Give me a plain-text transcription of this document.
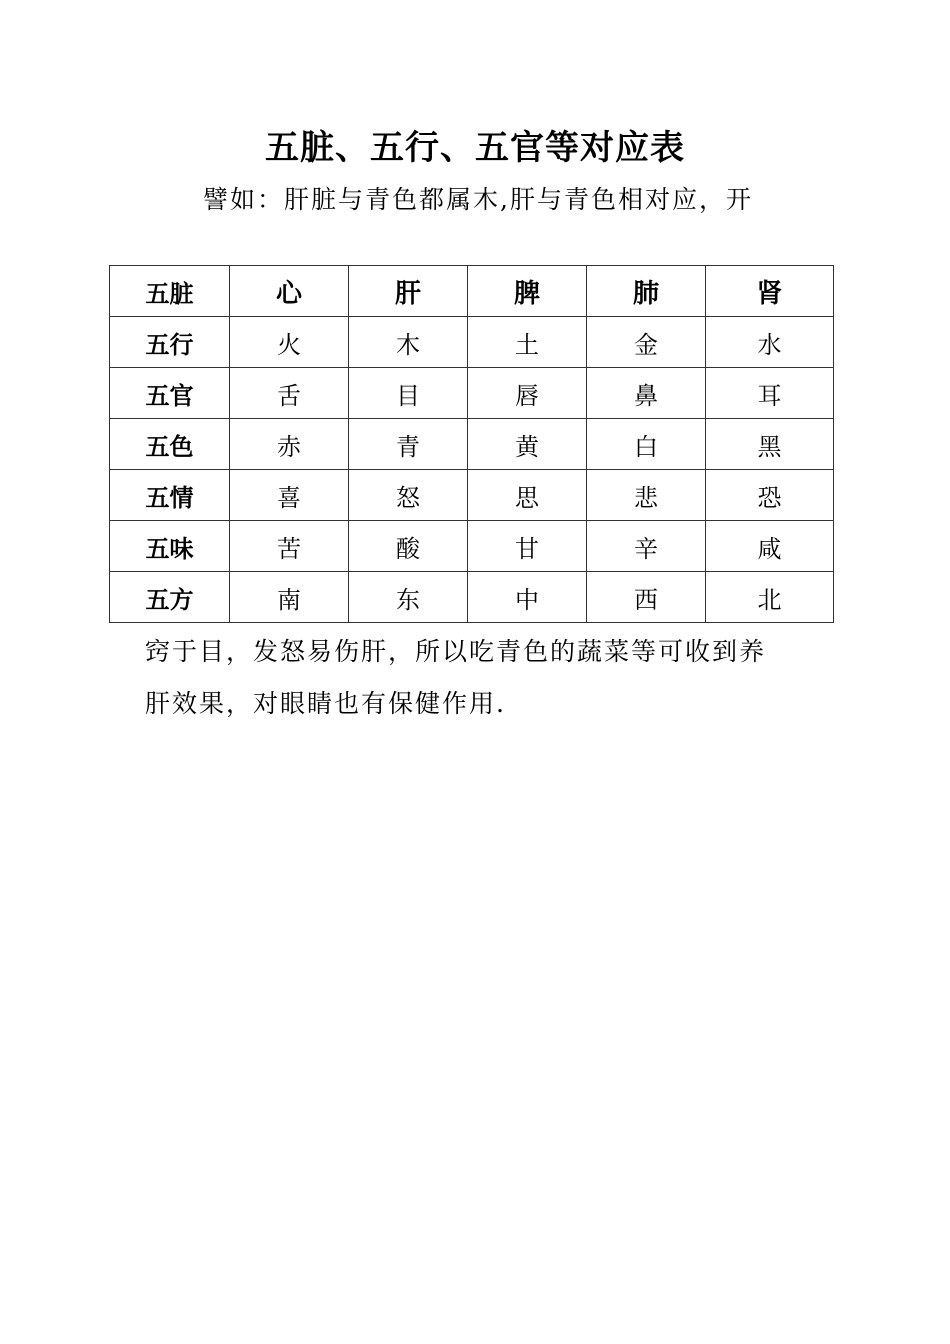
五脏、五行、五官等对应表
譬如：肝脏与青色都属木,肝与青色相对应，开
五脏	心	肝	脾	肺	肾
五行	火	木	土	金	水
五官	舌	目	唇	鼻	耳
五色	赤	青	黄	白	黑
五情	喜	怒	思	悲	恐
五味	苦	酸	甘	辛	咸
五方	南	东	中	西	北

窍于目，发怒易伤肝，所以吃青色的蔬菜等可收到养

肝效果，对眼睛也有保健作用.
